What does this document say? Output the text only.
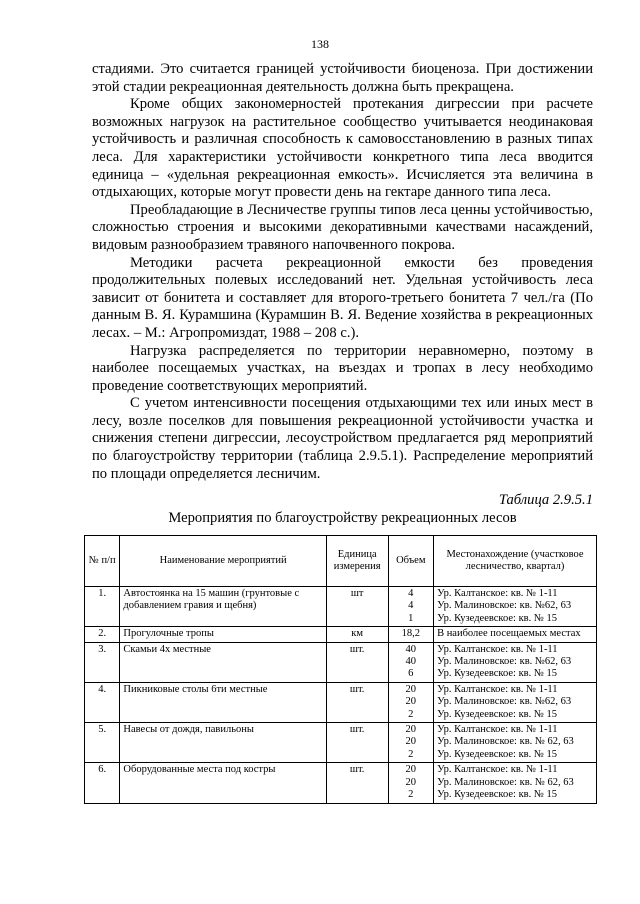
138

стадиями. Это считается границей устойчивости биоценоза. При достижении этой стадии рекреационная деятельность должна быть прекращена.

Кроме общих закономерностей протекания дигрессии при расчете возможных нагрузок на растительное сообщество учитывается неодинаковая устойчивость и различная способность к самовосстановлению в разных типах леса. Для характеристики устойчивости конкретного типа леса вводится единица – «удельная рекреационная емкость». Исчисляется эта величина в отдыхающих, которые могут провести день на гектаре данного типа леса.

Преобладающие в Лесничестве группы типов леса ценны устойчивостью, сложностью строения и высокими декоративными качествами насаждений, видовым разнообразием травяного напочвенного покрова.

Методики расчета рекреационной емкости без проведения продолжительных полевых исследований нет. Удельная устойчивость леса зависит от бонитета и составляет для второго-третьего бонитета 7 чел./га (По данным В. Я. Курамшина (Курамшин В. Я. Ведение хозяйства в рекреационных лесах. – М.: Агропромиздат, 1988 – 208 с.).

Нагрузка распределяется по территории неравномерно, поэтому в наиболее посещаемых участках, на въездах и тропах в лесу необходимо проведение соответствующих мероприятий.

С учетом интенсивности посещения отдыхающими тех или иных мест в лесу, возле поселков для повышения рекреационной устойчивости участка и снижения степени дигрессии, лесоустройством предлагается ряд мероприятий по благоустройству территории (таблица 2.9.5.1). Распределение мероприятий по площади определяется лесничим.

Таблица 2.9.5.1
Мероприятия по благоустройству рекреационных лесов
№ п/п	Наименование мероприятий	Единица измерения	Объем	Местонахождение (участковое лесничество, квартал)
1.	Автостоянка на 15 машин (грунтовые с добавлением гравия и щебня)	шт	4
4
1	Ур. Калтанское: кв. № 1-11
Ур. Малиновское: кв. №62, 63
Ур. Кузедеевское: кв. № 15

2.	Прогулочные тропы	км	18,2	В наиболее посещаемых местах

3.	Скамьи 4х местные	шт.	40
40
6	Ур. Калтанское: кв. № 1-11
Ур. Малиновское: кв. №62, 63
Ур. Кузедеевское: кв. № 15

4.	Пикниковые столы 6ти местные	шт.	20
20
2	Ур. Калтанское: кв. № 1-11
Ур. Малиновское: кв. №62, 63
Ур. Кузедеевское: кв. № 15

5.	Навесы от дождя, павильоны	шт.	20
20
2	Ур. Калтанское: кв. № 1-11
Ур. Малиновское: кв. № 62, 63
Ур. Кузедеевское: кв. № 15

6.	Оборудованные места под костры	шт.	20
20
2	Ур. Калтанское: кв. № 1-11
Ур. Малиновское: кв. № 62, 63
Ур. Кузедеевское: кв. № 15
